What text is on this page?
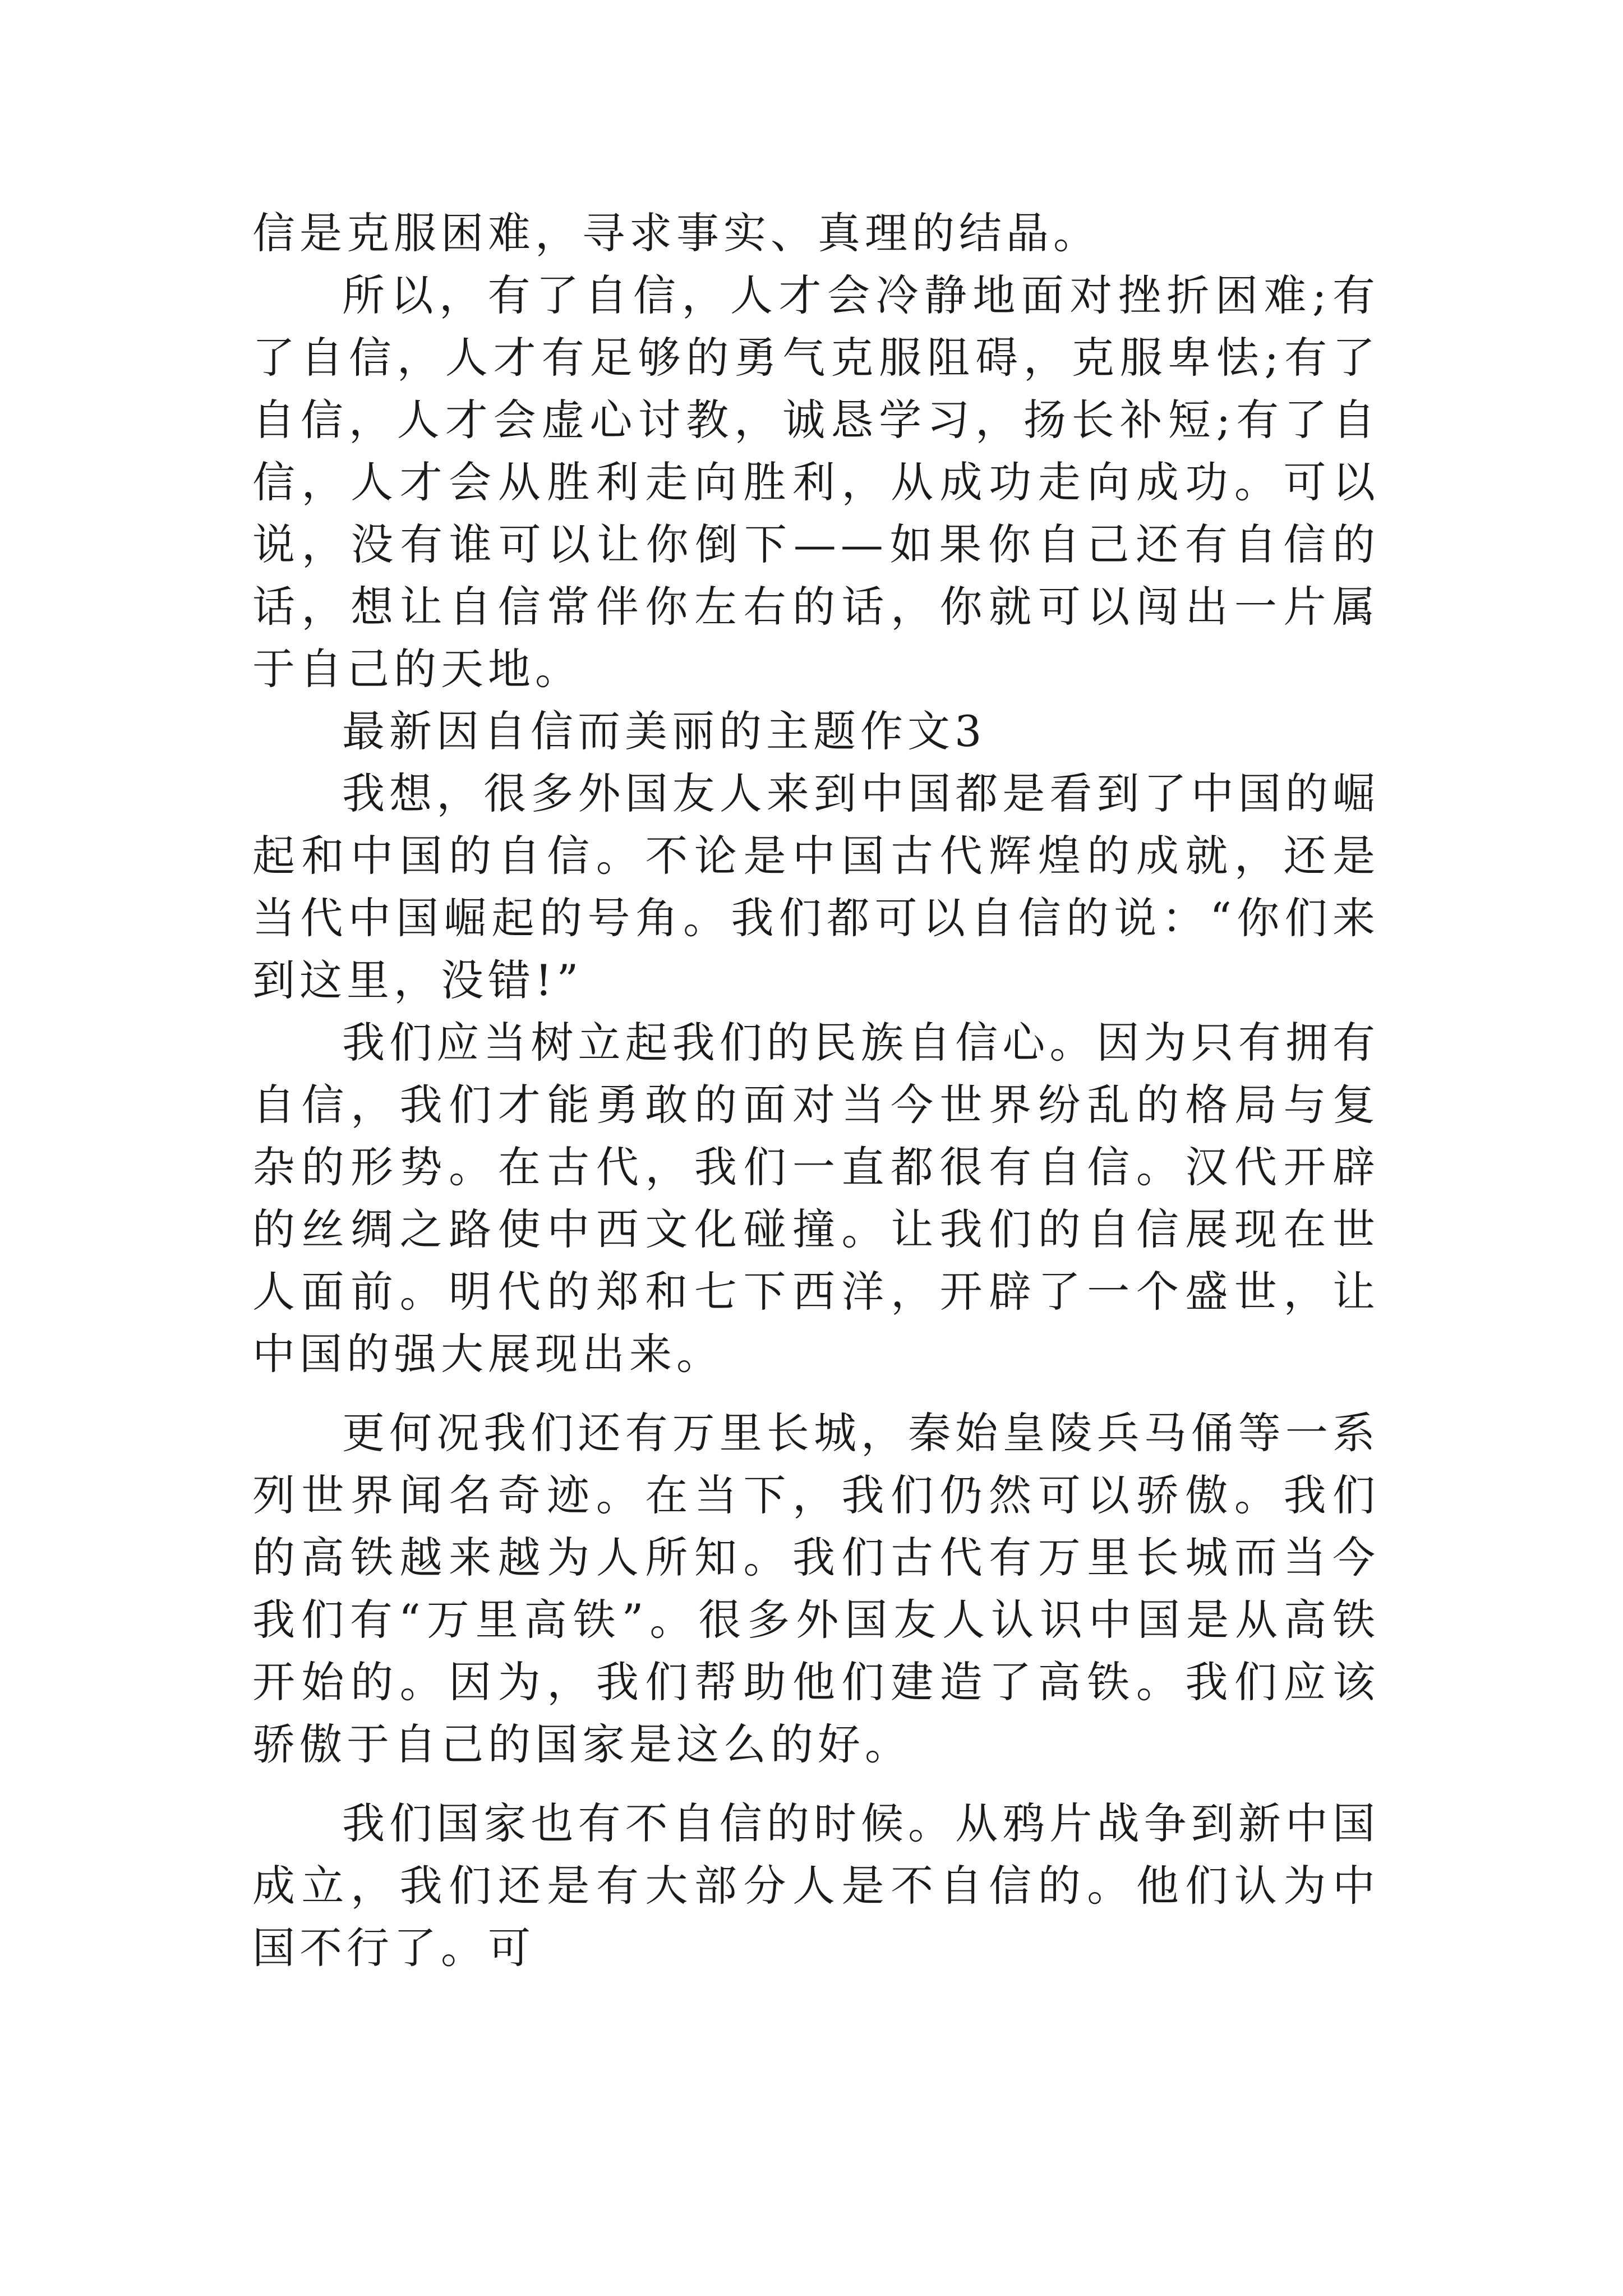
信是克服困难，寻求事实、真理的结晶。

所以，有了自信，人才会冷静地面对挫折困难;有了自信，人才有足够的勇气克服阻碍，克服卑怯;有了自信，人才会虚心讨教，诚恳学习，扬长补短;有了自信，人才会从胜利走向胜利，从成功走向成功。可以说，没有谁可以让你倒下——如果你自己还有自信的话，想让自信常伴你左右的话，你就可以闯出一片属于自己的天地。

最新因自信而美丽的主题作文3

我想，很多外国友人来到中国都是看到了中国的崛起和中国的自信。不论是中国古代辉煌的成就，还是当代中国崛起的号角。我们都可以自信的说：“你们来到这里，没错!”

我们应当树立起我们的民族自信心。因为只有拥有自信，我们才能勇敢的面对当今世界纷乱的格局与复杂的形势。在古代，我们一直都很有自信。汉代开辟的丝绸之路使中西文化碰撞。让我们的自信展现在世人面前。明代的郑和七下西洋，开辟了一个盛世，让中国的强大展现出来。

更何况我们还有万里长城，秦始皇陵兵马俑等一系列世界闻名奇迹。在当下，我们仍然可以骄傲。我们的高铁越来越为人所知。我们古代有万里长城而当今我们有“万里高铁”。很多外国友人认识中国是从高铁开始的。因为，我们帮助他们建造了高铁。我们应该骄傲于自己的国家是这么的好。

我们国家也有不自信的时候。从鸦片战争到新中国成立，我们还是有大部分人是不自信的。他们认为中国不行了。可
